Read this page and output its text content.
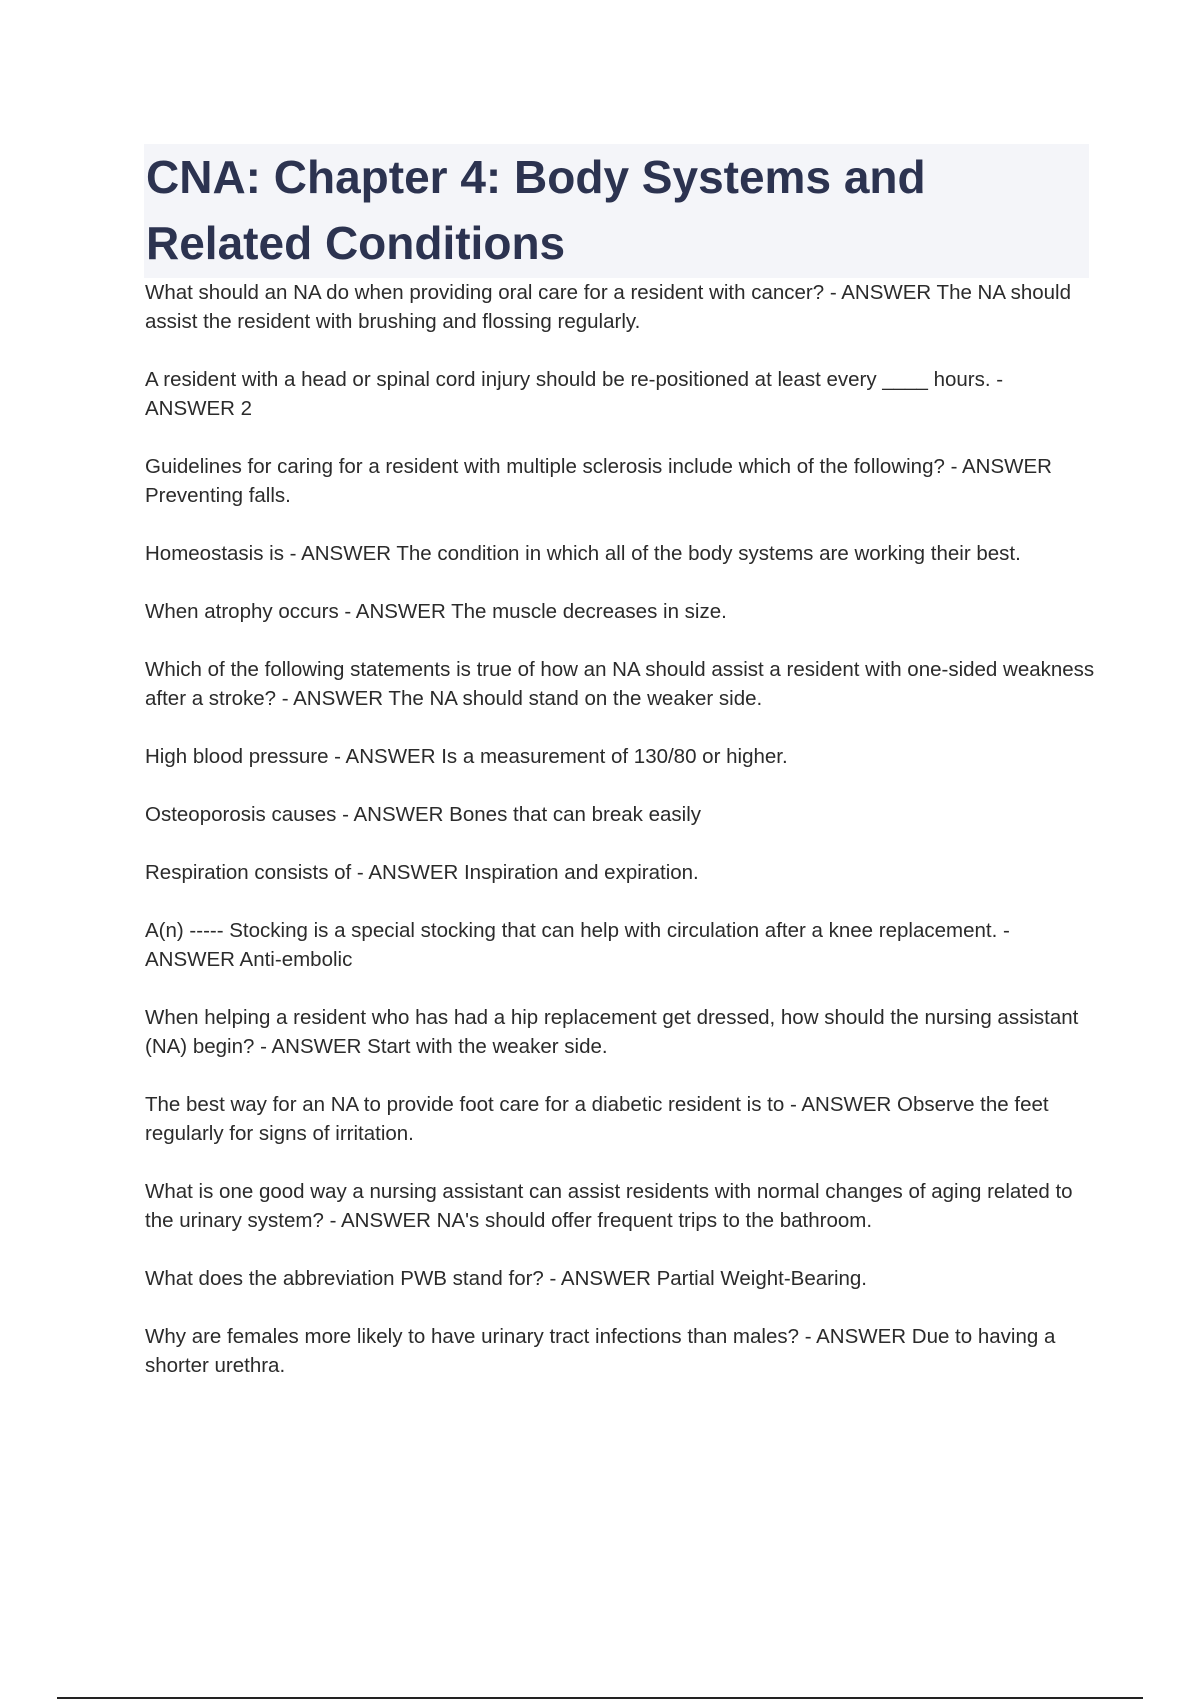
CNA: Chapter 4: Body Systems and Related Conditions
What should an NA do when providing oral care for a resident with cancer? - ANSWER The NA should assist the resident with brushing and flossing regularly.
A resident with a head or spinal cord injury should be re-positioned at least every ____ hours. - ANSWER 2
Guidelines for caring for a resident with multiple sclerosis include which of the following? - ANSWER Preventing falls.
Homeostasis is - ANSWER The condition in which all of the body systems are working their best.
When atrophy occurs - ANSWER The muscle decreases in size.
Which of the following statements is true of how an NA should assist a resident with one-sided weakness after a stroke? - ANSWER The NA should stand on the weaker side.
High blood pressure - ANSWER Is a measurement of 130/80 or higher.
Osteoporosis causes - ANSWER Bones that can break easily
Respiration consists of - ANSWER Inspiration and expiration.
A(n) ----- Stocking is a special stocking that can help with circulation after a knee replacement. - ANSWER Anti-embolic
When helping a resident who has had a hip replacement get dressed, how should the nursing assistant (NA) begin? - ANSWER Start with the weaker side.
The best way for an NA to provide foot care for a diabetic resident is to - ANSWER Observe the feet regularly for signs of irritation.
What is one good way a nursing assistant can assist residents with normal changes of aging related to the urinary system? - ANSWER NA's should offer frequent trips to the bathroom.
What does the abbreviation PWB stand for? - ANSWER Partial Weight-Bearing.
Why are females more likely to have urinary tract infections than males? - ANSWER Due to having a shorter urethra.
